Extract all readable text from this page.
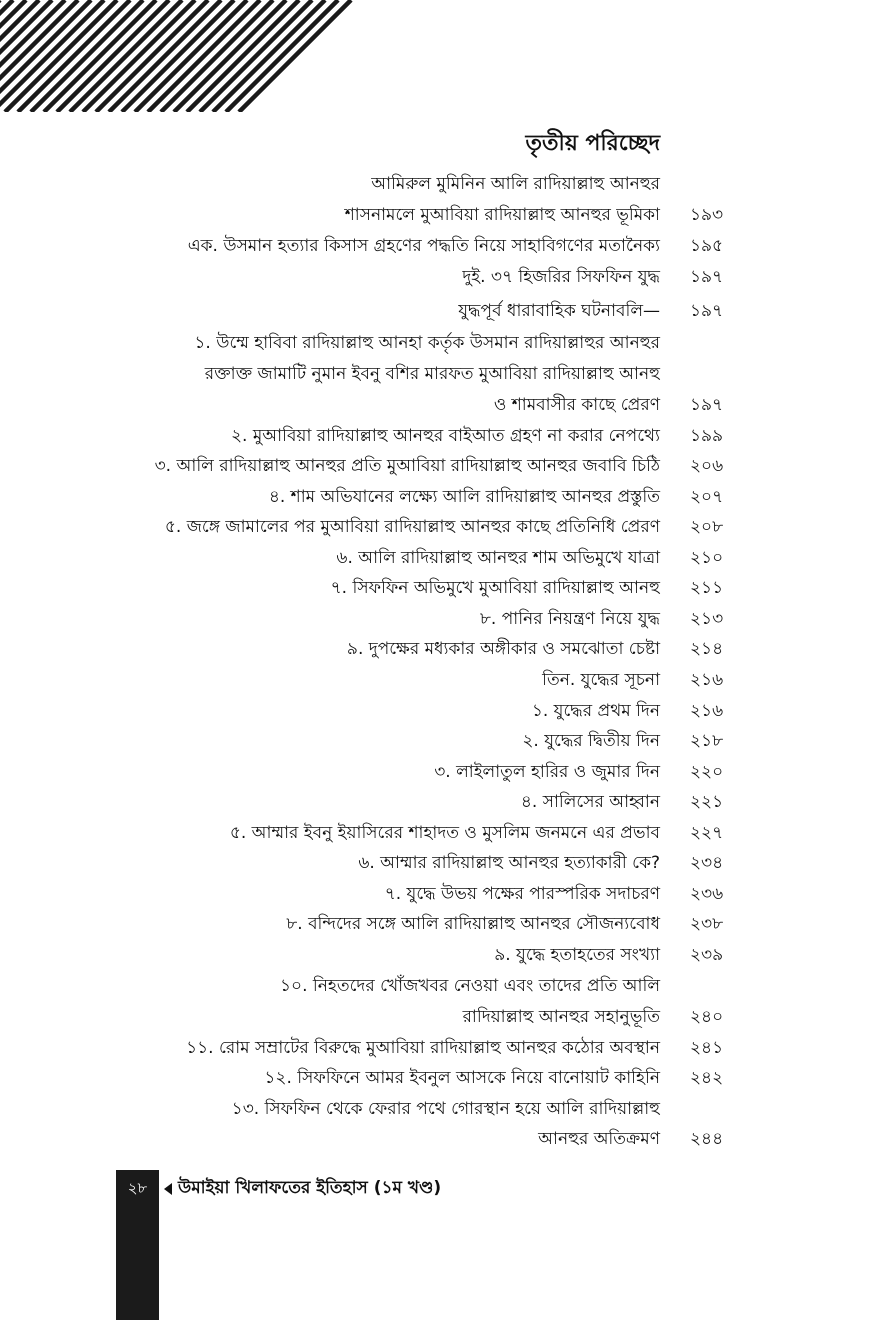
তৃতীয় পরিচ্ছেদ
আমিরুল মুমিনিন আলি রাদিয়াল্লাহু আনহুর
শাসনামলে মুআবিয়া রাদিয়াল্লাহু আনহুর ভূমিকা ১৯৩
এক. উসমান হত্যার কিসাস গ্রহণের পদ্ধতি নিয়ে সাহাবিগণের মতানৈক্য ১৯৫
দুই. ৩৭ হিজরির সিফফিন যুদ্ধ ১৯৭
যুদ্ধপূর্ব ধারাবাহিক ঘটনাবলি— ১৯৭
১. উম্মে হাবিবা রাদিয়াল্লাহু আনহা কর্তৃক উসমান রাদিয়াল্লাহুর আনহুর
রক্তাক্ত জামাটি নুমান ইবনু বশির মারফত মুআবিয়া রাদিয়াল্লাহু আনহু
ও শামবাসীর কাছে প্রেরণ ১৯৭
২. মুআবিয়া রাদিয়াল্লাহু আনহুর বাইআত গ্রহণ না করার নেপথ্যে ১৯৯
৩. আলি রাদিয়াল্লাহু আনহুর প্রতি মুআবিয়া রাদিয়াল্লাহু আনহুর জবাবি চিঠি ২০৬
৪. শাম অভিযানের লক্ষ্যে আলি রাদিয়াল্লাহু আনহুর প্রস্তুতি ২০৭
৫. জঙ্গে জামালের পর মুআবিয়া রাদিয়াল্লাহু আনহুর কাছে প্রতিনিধি প্রেরণ ২০৮
৬. আলি রাদিয়াল্লাহু আনহুর শাম অভিমুখে যাত্রা ২১০
৭. সিফফিন অভিমুখে মুআবিয়া রাদিয়াল্লাহু আনহু ২১১
৮. পানির নিয়ন্ত্রণ নিয়ে যুদ্ধ ২১৩
৯. দুপক্ষের মধ্যকার অঙ্গীকার ও সমঝোতা চেষ্টা ২১৪
তিন. যুদ্ধের সূচনা ২১৬
১. যুদ্ধের প্রথম দিন ২১৬
২. যুদ্ধের দ্বিতীয় দিন ২১৮
৩. লাইলাতুল হারির ও জুমার দিন ২২০
৪. সালিসের আহ্বান ২২১
৫. আম্মার ইবনু ইয়াসিরের শাহাদত ও মুসলিম জনমনে এর প্রভাব ২২৭
৬. আম্মার রাদিয়াল্লাহু আনহুর হত্যাকারী কে? ২৩৪
৭. যুদ্ধে উভয় পক্ষের পারস্পরিক সদাচরণ ২৩৬
৮. বন্দিদের সঙ্গে আলি রাদিয়াল্লাহু আনহুর সৌজন্যবোধ ২৩৮
৯. যুদ্ধে হতাহতের সংখ্যা ২৩৯
১০. নিহতদের খোঁজখবর নেওয়া এবং তাদের প্রতি আলি
রাদিয়াল্লাহু আনহুর সহানুভূতি ২৪০
১১. রোম সম্রাটের বিরুদ্ধে মুআবিয়া রাদিয়াল্লাহু আনহুর কঠোর অবস্থান ২৪১
১২. সিফফিনে আমর ইবনুল আসকে নিয়ে বানোয়াট কাহিনি ২৪২
১৩. সিফফিন থেকে ফেরার পথে গোরস্থান হয়ে আলি রাদিয়াল্লাহু
আনহুর অতিক্রমণ ২৪৪
২৮	উমাইয়া খিলাফতের ইতিহাস (১ম খণ্ড)
